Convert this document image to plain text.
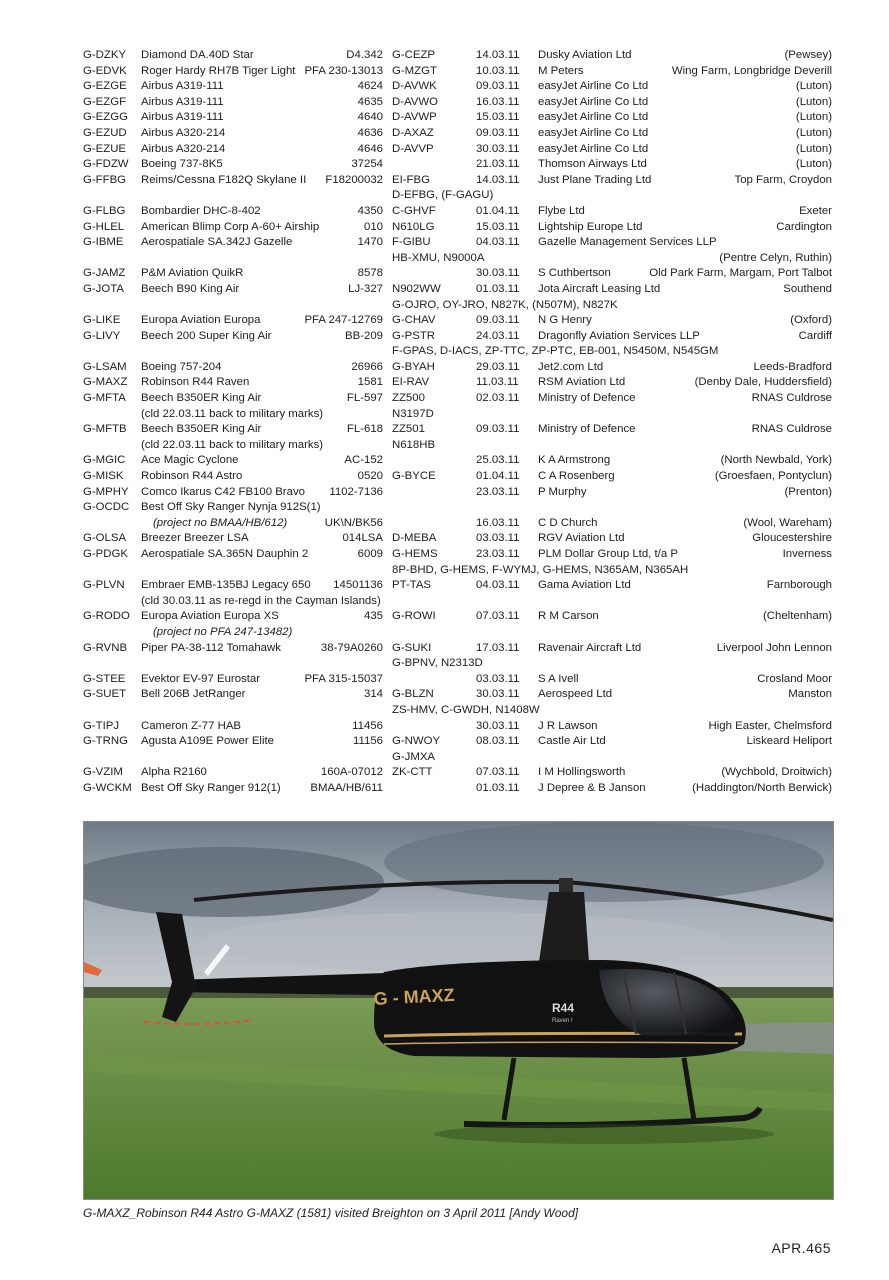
G-DZKY Diamond DA.40D Star	D4.342 G-CEZP	14.03.11 Dusky Aviation Ltd	(Pewsey)
G-EDVK Roger Hardy RH7B Tiger Light PFA 230-13013 G-MZGT	10.03.11 M Peters	Wing Farm, Longbridge Deverill
G-EZGE Airbus A319-111	4624 D-AVWK	09.03.11 easyJet Airline Co Ltd	(Luton)
G-EZGF Airbus A319-111	4635 D-AVWO	16.03.11 easyJet Airline Co Ltd	(Luton)
G-EZGG Airbus A319-111	4640 D-AVWP	15.03.11 easyJet Airline Co Ltd	(Luton)
G-EZUD Airbus A320-214	4636 D-AXAZ	09.03.11 easyJet Airline Co Ltd	(Luton)
G-EZUE Airbus A320-214	4646 D-AVVP	30.03.11 easyJet Airline Co Ltd	(Luton)
G-FDZW Boeing 737-8K5	37254	21.03.11 Thomson Airways Ltd	(Luton)
G-FFBG Reims/Cessna F182Q Skylane II F18200032 EI-FBG	14.03.11 Just Plane Trading Ltd	Top Farm, Croydon
D-EFBG, (F-GAGU)
G-FLBG Bombardier DHC-8-402	4350 C-GHVF	01.04.11 Flybe Ltd	Exeter
G-HLEL American Blimp Corp A-60+ Airship	010 N610LG	15.03.11 Lightship Europe Ltd	Cardington
G-IBME Aerospatiale SA.342J Gazelle	1470 F-GIBU	04.03.11 Gazelle Management Services LLP
HB-XMU, N9000A	(Pentre Celyn, Ruthin)
G-JAMZ P&M Aviation QuikR	8578	30.03.11 S Cuthbertson	Old Park Farm, Margam, Port Talbot
G-JOTA Beech B90 King Air	LJ-327 N902WW	01.03.11 Jota Aircraft Leasing Ltd	Southend
G-OJRO, OY-JRO, N827K, (N507M), N827K
G-LIKE Europa Aviation Europa	PFA 247-12769 G-CHAV	09.03.11 N G Henry	(Oxford)
G-LIVY Beech 200 Super King Air	BB-209 G-PSTR	24.03.11 Dragonfly Aviation Services LLP	Cardiff
F-GPAS, D-IACS, ZP-TTC, ZP-PTC, EB-001, N5450M, N545GM
G-LSAM Boeing 757-204	26966 G-BYAH	29.03.11 Jet2.com Ltd	Leeds-Bradford
G-MAXZ Robinson R44 Raven	1581 EI-RAV	11.03.11 RSM Aviation Ltd	(Denby Dale, Huddersfield)
G-MFTA Beech B350ER King Air	FL-597 ZZ500	02.03.11 Ministry of Defence	RNAS Culdrose
(cld 22.03.11 back to military marks)	N3197D
G-MFTB Beech B350ER King Air	FL-618 ZZ501	09.03.11 Ministry of Defence	RNAS Culdrose
(cld 22.03.11 back to military marks)	N618HB
G-MGIC Ace Magic Cyclone	AC-152	25.03.11 K A Armstrong	(North Newbald, York)
G-MISK Robinson R44 Astro	0520 G-BYCE	01.04.11 C A Rosenberg	(Groesfaen, Pontyclun)
G-MPHY Comco Ikarus C42 FB100 Bravo 1102-7136	23.03.11 P Murphy	(Prenton)
G-OCDC Best Off Sky Ranger Nynja 912S(1)
(project no BMAA/HB/612)	UK\N/BK56	16.03.11 C D Church	(Wool, Wareham)
G-OLSA Breezer Breezer LSA	014LSA D-MEBA	03.03.11 RGV Aviation Ltd	Gloucestershire
G-PDGK Aerospatiale SA.365N Dauphin 2	6009 G-HEMS	23.03.11 PLM Dollar Group Ltd, t/a P	Inverness
8P-BHD, G-HEMS, F-WYMJ, G-HEMS, N365AM, N365AH
G-PLVN Embraer EMB-135BJ Legacy 650 14501136 PT-TAS	04.03.11 Gama Aviation Ltd	Farnborough
(cld 30.03.11 as re-regd in the Cayman Islands)
G-RODO Europa Aviation Europa XS	435 G-ROWI	07.03.11 R M Carson	(Cheltenham)
(project no PFA 247-13482)
G-RVNB Piper PA-38-112 Tomahawk	38-79A0260 G-SUKI	17.03.11 Ravenair Aircraft Ltd	Liverpool John Lennon
G-BPNV, N2313D
G-STEE Evektor EV-97 Eurostar	PFA 315-15037	03.03.11 S A Ivell	Crosland Moor
G-SUET Bell 206B JetRanger	314 G-BLZN	30.03.11 Aerospeed Ltd	Manston
ZS-HMV, C-GWDH, N1408W
G-TIPJ Cameron Z-77 HAB	11456	30.03.11 J R Lawson	High Easter, Chelmsford
G-TRNG Agusta A109E Power Elite	11156 G-NWOY	08.03.11 Castle Air Ltd	Liskeard Heliport
G-JMXA
G-VZIM Alpha R2160	160A-07012 ZK-CTT	07.03.11 I M Hollingsworth	(Wychbold, Droitwich)
G-WCKM Best Off Sky Ranger 912(1)	BMAA/HB/611	01.03.11 J Depree & B Janson	(Haddington/North Berwick)
G - MAXZ	R44
Raven I
G-MAXZ_Robinson R44 Astro G-MAXZ (1581) visited Breighton on 3 April 2011 [Andy Wood]
APR.465
